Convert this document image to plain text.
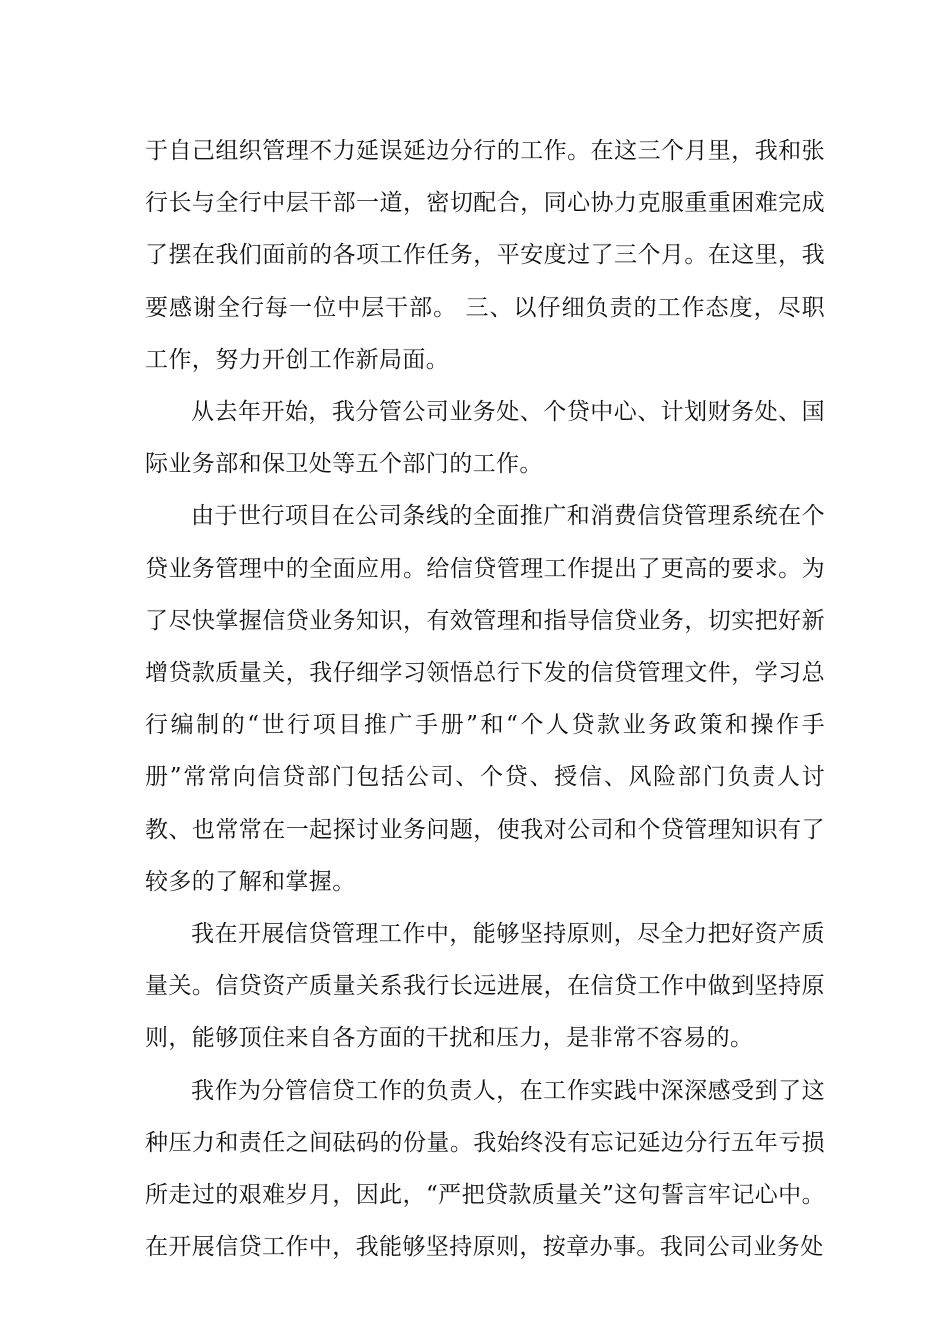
于自己组织管理不力延误延边分行的工作。在这三个月里，我和张行长与全行中层干部一道，密切配合，同心协力克服重重困难完成了摆在我们面前的各项工作任务，平安度过了三个月。在这里，我要感谢全行每一位中层干部。 三、以仔细负责的工作态度，尽职工作，努力开创工作新局面。

从去年开始，我分管公司业务处、个贷中心、计划财务处、国际业务部和保卫处等五个部门的工作。

由于世行项目在公司条线的全面推广和消费信贷管理系统在个贷业务管理中的全面应用。给信贷管理工作提出了更高的要求。为了尽快掌握信贷业务知识，有效管理和指导信贷业务，切实把好新增贷款质量关，我仔细学习领悟总行下发的信贷管理文件，学习总行编制的“世行项目推广手册”和“个人贷款业务政策和操作手册”常常向信贷部门包括公司、个贷、授信、风险部门负责人讨教、也常常在一起探讨业务问题，使我对公司和个贷管理知识有了较多的了解和掌握。

我在开展信贷管理工作中，能够坚持原则，尽全力把好资产质量关。信贷资产质量关系我行长远进展，在信贷工作中做到坚持原则，能够顶住来自各方面的干扰和压力，是非常不容易的。

我作为分管信贷工作的负责人，在工作实践中深深感受到了这种压力和责任之间砝码的份量。我始终没有忘记延边分行五年亏损所走过的艰难岁月，因此，“严把贷款质量关”这句誓言牢记心中。在开展信贷工作中，我能够坚持原则，按章办事。我同公司业务处
